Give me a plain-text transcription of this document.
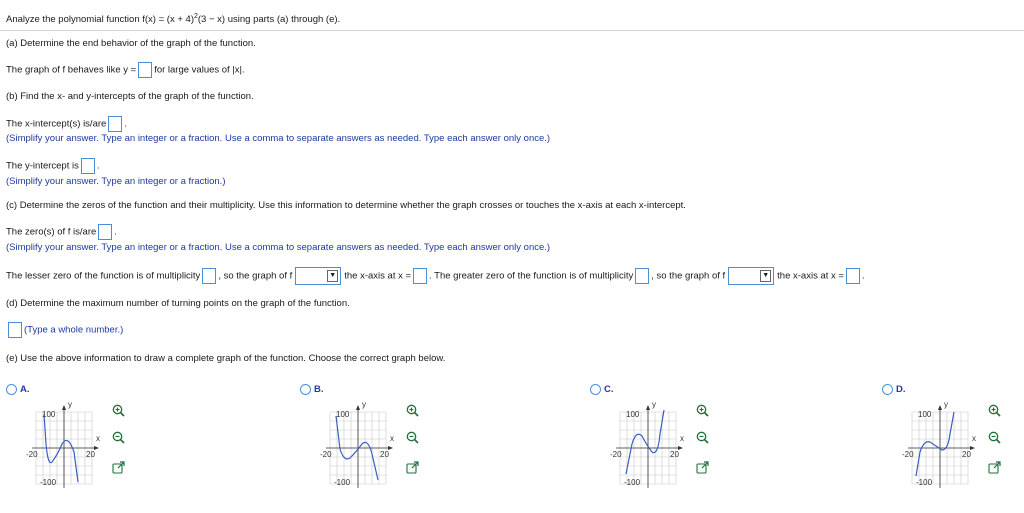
Analyze the polynomial function $f(x) = (x + 4)^2(3 - x)$ using parts (a) through (e).
(a) Determine the end behavior of the graph of the function.
The graph of f behaves like y = for large values of |x|.
(b) Find the x- and y-intercepts of the graph of the function.
The x-intercept(s) is/are .
(Simplify your answer. Type an integer or a fraction. Use a comma to separate answers as needed. Type each answer only once.)
The y-intercept is .
(Simplify your answer. Type an integer or a fraction.)
(c) Determine the zeros of the function and their multiplicity. Use this information to determine whether the graph crosses or touches the x-axis at each x-intercept.
The zero(s) of f is/are .
(Simplify your answer. Type an integer or a fraction. Use a comma to separate answers as needed. Type each answer only once.)
The lesser zero of the function is of multiplicity , so the graph of f	▼ the x-axis at x = . The greater zero of the function is of multiplicity , so the graph of f	▼ the x-axis at x = .
(d) Determine the maximum number of turning points on the graph of the function.
(Type a whole number.)
(e) Use the above information to draw a complete graph of the function. Choose the correct graph below.
A.
100
-100
-20	20
x
y
B.
100
-100
-20	20
x
y
C.
100
-100
-20	20
x
y
D.
100
-100
-20	20
x
y
